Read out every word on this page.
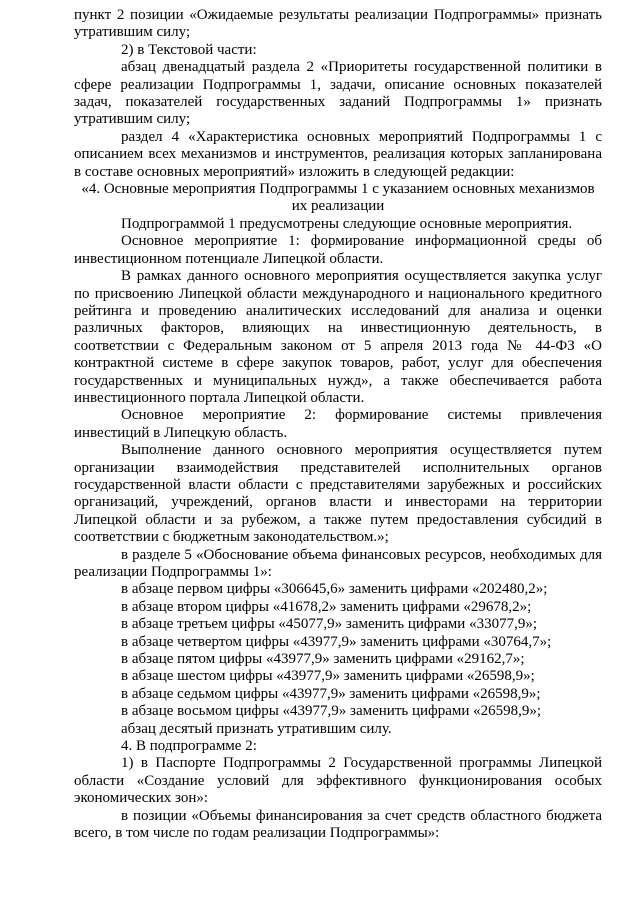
пункт 2 позиции «Ожидаемые результаты реализации Подпрограммы» признать утратившим силу;

2) в Текстовой части:

абзац двенадцатый раздела 2 «Приоритеты государственной политики в сфере реализации Подпрограммы 1, задачи, описание основных показателей задач, показателей государственных заданий Подпрограммы 1» признать утратившим силу;

раздел 4 «Характеристика основных мероприятий Подпрограммы 1 с описанием всех механизмов и инструментов, реализация которых запланирована в составе основных мероприятий» изложить в следующей редакции:

«4. Основные мероприятия Подпрограммы 1 с указанием основных механизмов их реализации

Подпрограммой 1 предусмотрены следующие основные мероприятия.

Основное мероприятие 1: формирование информационной среды об инвестиционном потенциале Липецкой области.

В рамках данного основного мероприятия осуществляется закупка услуг по присвоению Липецкой области международного и национального кредитного рейтинга и проведению аналитических исследований для анализа и оценки различных факторов, влияющих на инвестиционную деятельность, в соответствии с Федеральным законом от 5 апреля 2013 года № 44-ФЗ «О контрактной системе в сфере закупок товаров, работ, услуг для обеспечения государственных и муниципальных нужд», а также обеспечивается работа инвестиционного портала Липецкой области.

Основное мероприятие 2: формирование системы привлечения инвестиций в Липецкую область.

Выполнение данного основного мероприятия осуществляется путем организации взаимодействия представителей исполнительных органов государственной власти области с представителями зарубежных и российских организаций, учреждений, органов власти и инвесторами на территории Липецкой области и за рубежом, а также путем предоставления субсидий в соответствии с бюджетным законодательством.»;

в разделе 5 «Обоснование объема финансовых ресурсов, необходимых для реализации Подпрограммы 1»:

в абзаце первом цифры «306645,6» заменить цифрами «202480,2»;

в абзаце втором цифры «41678,2» заменить цифрами «29678,2»;

в абзаце третьем цифры «45077,9» заменить цифрами «33077,9»;

в абзаце четвертом цифры «43977,9» заменить цифрами «30764,7»;

в абзаце пятом цифры «43977,9» заменить цифрами «29162,7»;

в абзаце шестом цифры «43977,9» заменить цифрами «26598,9»;

в абзаце седьмом цифры «43977,9» заменить цифрами «26598,9»;

в абзаце восьмом цифры «43977,9» заменить цифрами «26598,9»;

абзац десятый признать утратившим силу.

4. В подпрограмме 2:

1) в Паспорте Подпрограммы 2 Государственной программы Липецкой области «Создание условий для эффективного функционирования особых экономических зон»:

в позиции «Объемы финансирования за счет средств областного бюджета всего, в том числе по годам реализации Подпрограммы»:
